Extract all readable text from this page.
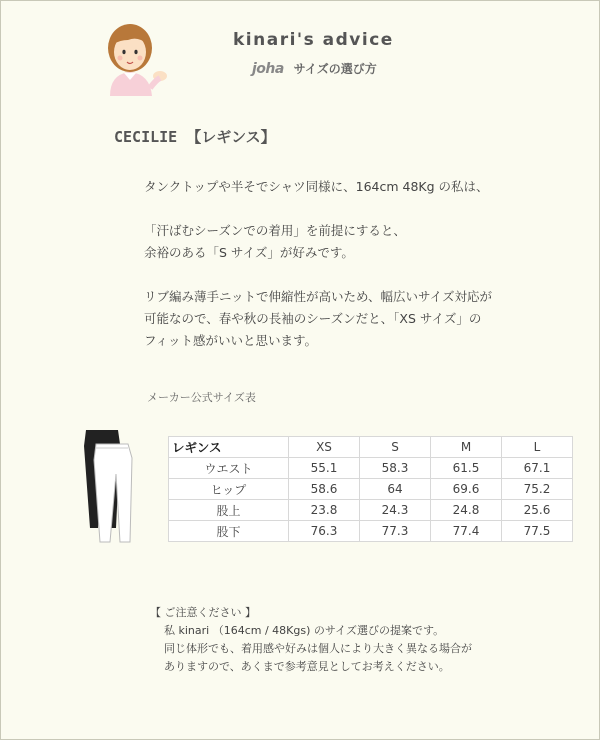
kinari's advice
joha サイズの選び方
CECILIE 【レギンス】

タンクトップや半そでシャツ同様に、164cm 48Kg の私は、

「汗ばむシーズンでの着用」を前提にすると、

余裕のある「S サイズ」が好みです。

リブ編み薄手ニットで伸縮性が高いため、幅広いサイズ対応が

可能なので、春や秋の長袖のシーズンだと、「XS サイズ」の

フィット感がいいと思います。

メーカー公式サイズ表
レギンス	XS	S	M	L
ウエスト	55.1	58.3	61.5	67.1
ヒップ	58.6	64	69.6	75.2
股上	23.8	24.3	24.8	25.6
股下	76.3	77.3	77.4	77.5
【 ご注意ください 】
私 kinari （164cm / 48Kgs) のサイズ選びの提案です。
同じ体形でも、着用感や好みは個人により大きく異なる場合が
ありますので、あくまで参考意見としてお考えください。
